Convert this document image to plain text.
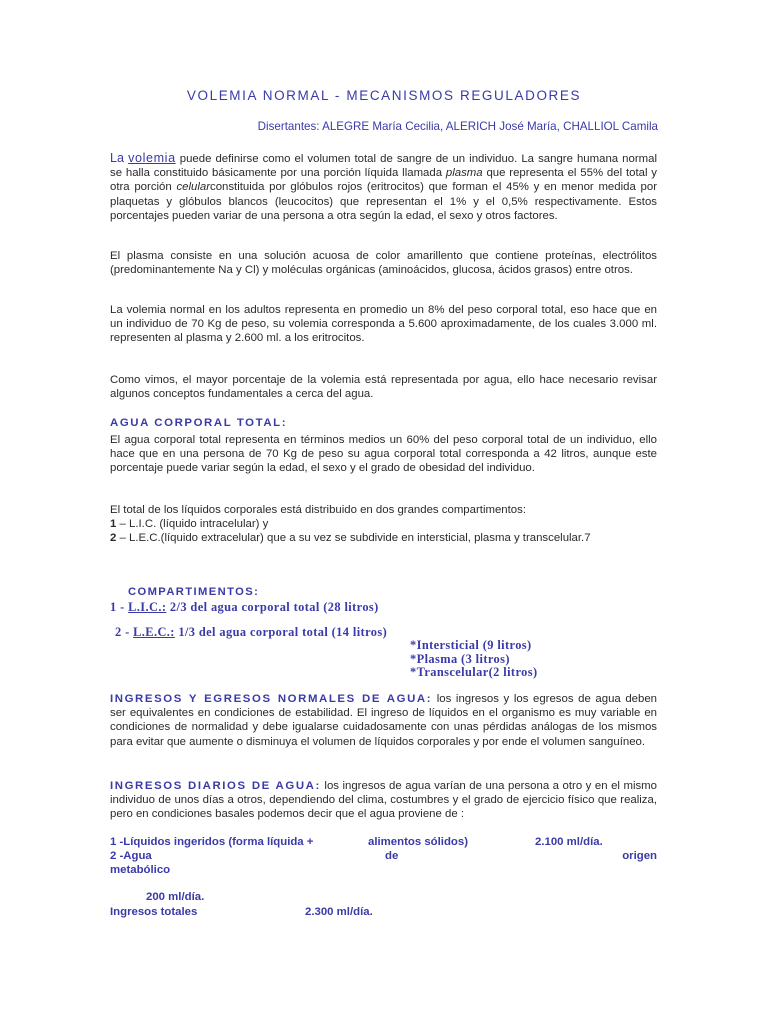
VOLEMIA NORMAL - MECANISMOS REGULADORES
Disertantes: ALEGRE María Cecilia, ALERICH José María, CHALLIOL Camila
La volemia puede definirse como el volumen total de sangre de un individuo. La sangre humana normal se halla constituido básicamente por una porción líquida llamada plasma que representa el 55% del total y otra porción celularconstituida por glóbulos rojos (eritrocitos) que forman el 45% y en menor medida por plaquetas y glóbulos blancos (leucocitos) que representan el 1% y el 0,5% respectivamente. Estos porcentajes pueden variar de una persona a otra según la edad, el sexo y otros factores.
El plasma consiste en una solución acuosa de color amarillento que contiene proteínas, electrólitos (predominantemente Na y Cl) y moléculas orgánicas (aminoácidos, glucosa, ácidos grasos) entre otros.
La volemia normal en los adultos representa en promedio un 8% del peso corporal total, eso hace que en un individuo de 70 Kg de peso, su volemia corresponda a 5.600 aproximadamente, de los cuales 3.000 ml. representen al plasma y 2.600 ml. a los eritrocitos.
Como vimos, el mayor porcentaje de la volemia está representada por agua, ello hace necesario revisar algunos conceptos fundamentales a cerca del agua.
AGUA CORPORAL TOTAL:
El agua corporal total representa en términos medios un 60% del peso corporal total de un individuo, ello hace que en una persona de 70 Kg de peso su agua corporal total corresponda a 42 litros, aunque este porcentaje puede variar según la edad, el sexo y el grado de obesidad del individuo.
El total de los líquidos corporales está distribuido en dos grandes compartimentos:
1 – L.I.C. (líquido intracelular) y
2 – L.E.C.(líquido extracelular) que a su vez se subdivide en intersticial, plasma y transcelular.7
COMPARTIMENTOS:
1 - L.I.C.: 2/3 del agua corporal total (28 litros)
2 - L.E.C.: 1/3 del agua corporal total (14 litros)
*Intersticial (9 litros)
*Plasma (3 litros)
*Transcelular(2 litros)
INGRESOS Y EGRESOS NORMALES DE AGUA: los ingresos y los egresos de agua deben ser equivalentes en condiciones de estabilidad. El ingreso de líquidos en el organismo es muy variable en condiciones de normalidad y debe igualarse cuidadosamente con unas pérdidas análogas de los mismos para evitar que aumente o disminuya el volumen de líquidos corporales y por ende el volumen sanguíneo.
INGRESOS DIARIOS DE AGUA: los ingresos de agua varían de una persona a otro y en el mismo individuo de unos días a otros, dependiendo del clima, costumbres y el grado de ejercicio físico que realiza, pero en condiciones basales podemos decir que el agua proviene de :
1 -Líquidos ingeridos (forma líquida +	alimentos sólidos)	2.100 ml/día.
2 -Agua	de	origen
metabólico
200 ml/día.
Ingresos totales	2.300 ml/día.
